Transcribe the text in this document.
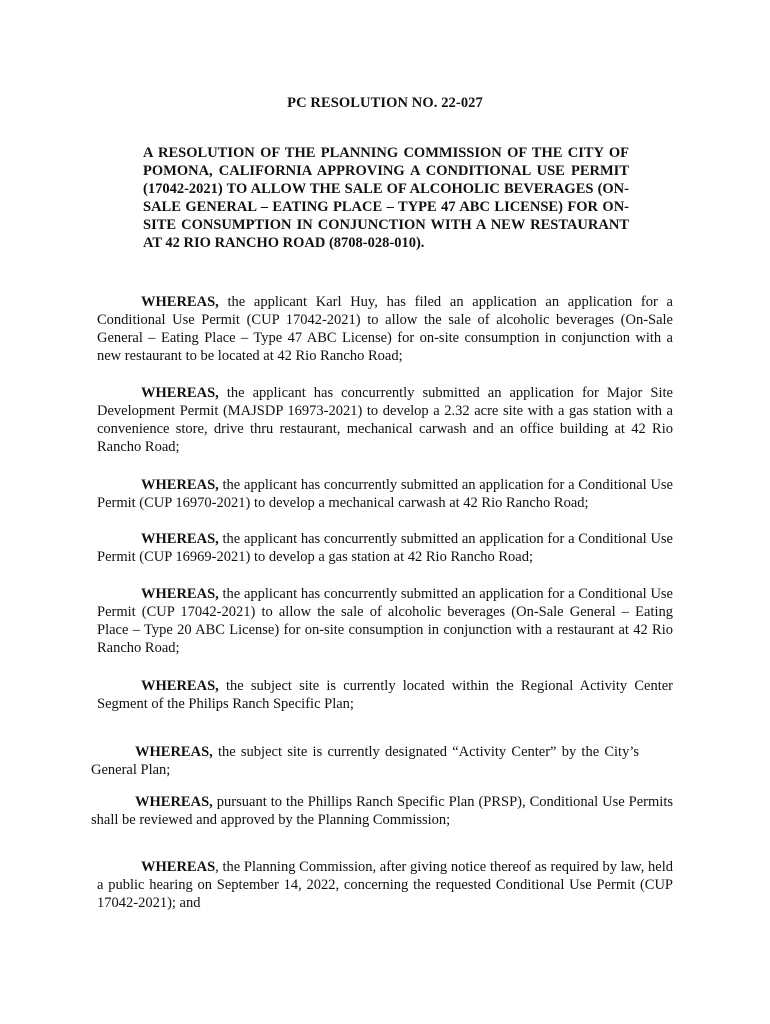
PC RESOLUTION NO. 22-027
A RESOLUTION OF THE PLANNING COMMISSION OF THE CITY OF POMONA, CALIFORNIA APPROVING A CONDITIONAL USE PERMIT (17042-2021) TO ALLOW THE SALE OF ALCOHOLIC BEVERAGES (ON-SALE GENERAL – EATING PLACE – TYPE 47 ABC LICENSE) FOR ON-SITE CONSUMPTION IN CONJUNCTION WITH A NEW RESTAURANT AT 42 RIO RANCHO ROAD (8708-028-010).
WHEREAS, the applicant Karl Huy, has filed an application an application for a Conditional Use Permit (CUP 17042-2021) to allow the sale of alcoholic beverages (On-Sale General – Eating Place – Type 47 ABC License) for on-site consumption in conjunction with a new restaurant to be located at 42 Rio Rancho Road;
WHEREAS, the applicant has concurrently submitted an application for Major Site Development Permit (MAJSDP 16973-2021) to develop a 2.32 acre site with a gas station with a convenience store, drive thru restaurant, mechanical carwash and an office building at 42 Rio Rancho Road;
WHEREAS, the applicant has concurrently submitted an application for a Conditional Use Permit (CUP 16970-2021) to develop a mechanical carwash at 42 Rio Rancho Road;
WHEREAS, the applicant has concurrently submitted an application for a Conditional Use Permit (CUP 16969-2021) to develop a gas station at 42 Rio Rancho Road;
WHEREAS, the applicant has concurrently submitted an application for a Conditional Use Permit (CUP 17042-2021) to allow the sale of alcoholic beverages (On-Sale General – Eating Place – Type 20 ABC License) for on-site consumption in conjunction with a restaurant at 42 Rio Rancho Road;
WHEREAS, the subject site is currently located within the Regional Activity Center Segment of the Philips Ranch Specific Plan;
WHEREAS, the subject site is currently designated “Activity Center” by the City’s General Plan;
WHEREAS, pursuant to the Phillips Ranch Specific Plan (PRSP), Conditional Use Permits shall be reviewed and approved by the Planning Commission;
WHEREAS, the Planning Commission, after giving notice thereof as required by law, held a public hearing on September 14, 2022, concerning the requested Conditional Use Permit (CUP 17042-2021); and
